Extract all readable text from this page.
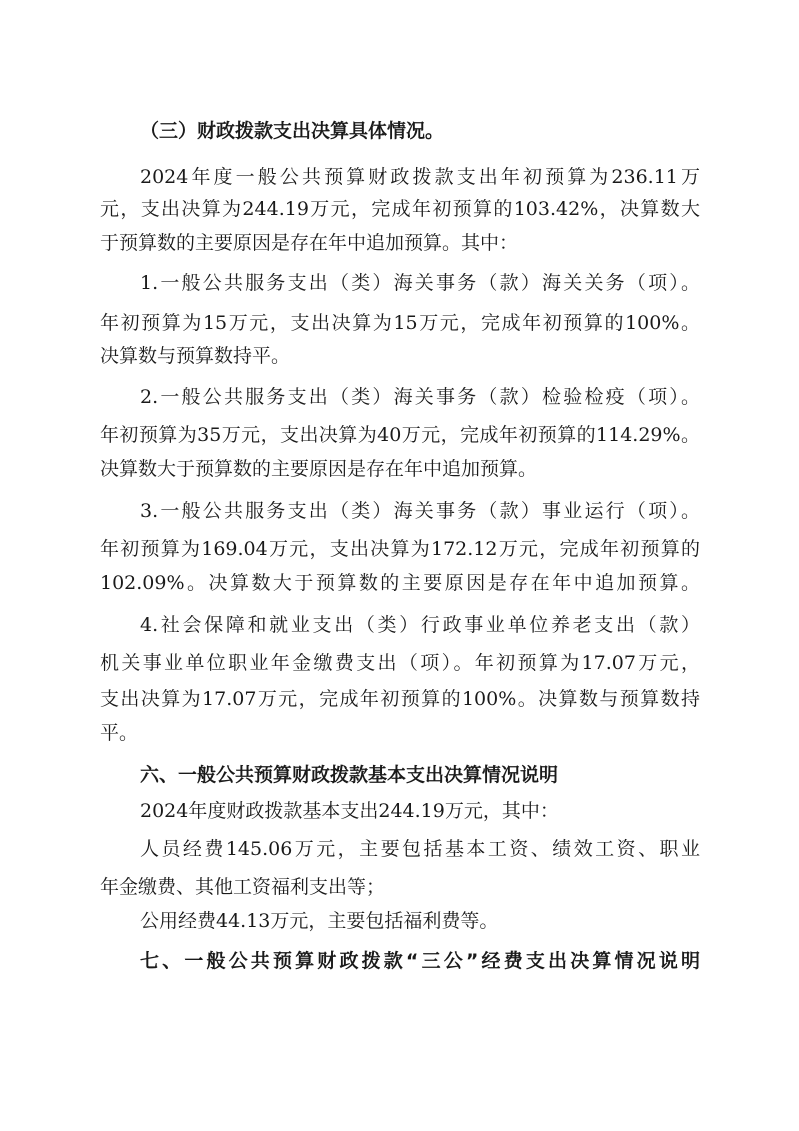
（三）财政拨款支出决算具体情况。
2024年度一般公共预算财政拨款支出年初预算为236.11万
元，支出决算为244.19万元，完成年初预算的103.42%，决算数大
于预算数的主要原因是存在年中追加预算。其中：
1.一般公共服务支出（类）海关事务（款）海关关务（项）。
年初预算为15万元，支出决算为15万元，完成年初预算的100%。
决算数与预算数持平。
2.一般公共服务支出（类）海关事务（款）检验检疫（项）。
年初预算为35万元，支出决算为40万元，完成年初预算的114.29%。
决算数大于预算数的主要原因是存在年中追加预算。
3.一般公共服务支出（类）海关事务（款）事业运行（项）。
年初预算为169.04万元，支出决算为172.12万元，完成年初预算的
102.09%。决算数大于预算数的主要原因是存在年中追加预算。
4.社会保障和就业支出（类）行政事业单位养老支出（款）
机关事业单位职业年金缴费支出（项）。年初预算为17.07万元，
支出决算为17.07万元，完成年初预算的100%。决算数与预算数持
平。
六、一般公共预算财政拨款基本支出决算情况说明
2024年度财政拨款基本支出244.19万元，其中：
人员经费145.06万元，主要包括基本工资、绩效工资、职业
年金缴费、其他工资福利支出等；
公用经费44.13万元，主要包括福利费等。
七、一般公共预算财政拨款“三公”经费支出决算情况说明
